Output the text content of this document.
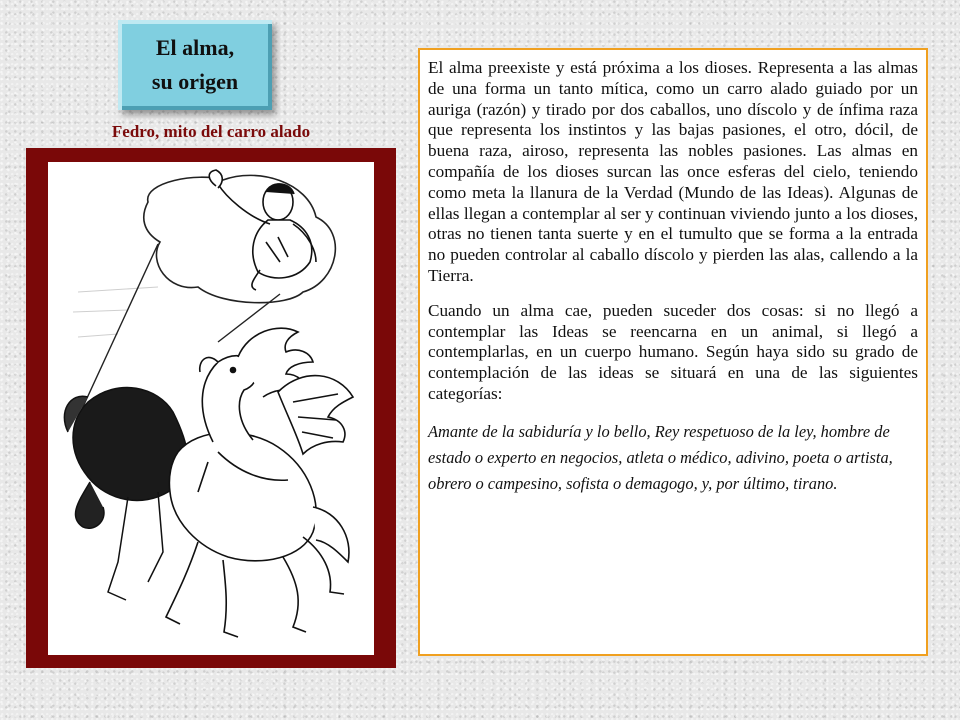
El alma,
su origen
Fedro, mito del carro alado

El alma preexiste y está próxima a los dioses. Representa a las almas de una forma un tanto mítica, como un carro alado guiado por un auriga (razón) y tirado por dos caballos, uno díscolo y de ínfima raza que representa los instintos y las bajas pasiones, el otro, dócil, de buena raza, airoso, representa las nobles pasiones. Las almas en compañía de los dioses surcan las once esferas del cielo, teniendo como meta la llanura de la Verdad (Mundo de las Ideas). Algunas de ellas llegan a contemplar al ser y continuan viviendo junto a los dioses, otras no tienen tanta suerte y en el tumulto que se forma a la entrada no pueden controlar al caballo díscolo y pierden las alas, callendo a la Tierra.

Cuando un alma cae, pueden suceder dos cosas: si no llegó a contemplar las Ideas se reencarna en un animal, si llegó a contemplarlas, en un cuerpo humano. Según haya sido su grado de contemplación de las ideas se situará en una de las siguientes categorías:

Amante de la sabiduría y lo bello, Rey respetuoso de la ley, hombre de estado o experto en negocios, atleta o médico, adivino, poeta o artista, obrero o campesino, sofista o demagogo, y, por último, tirano.
